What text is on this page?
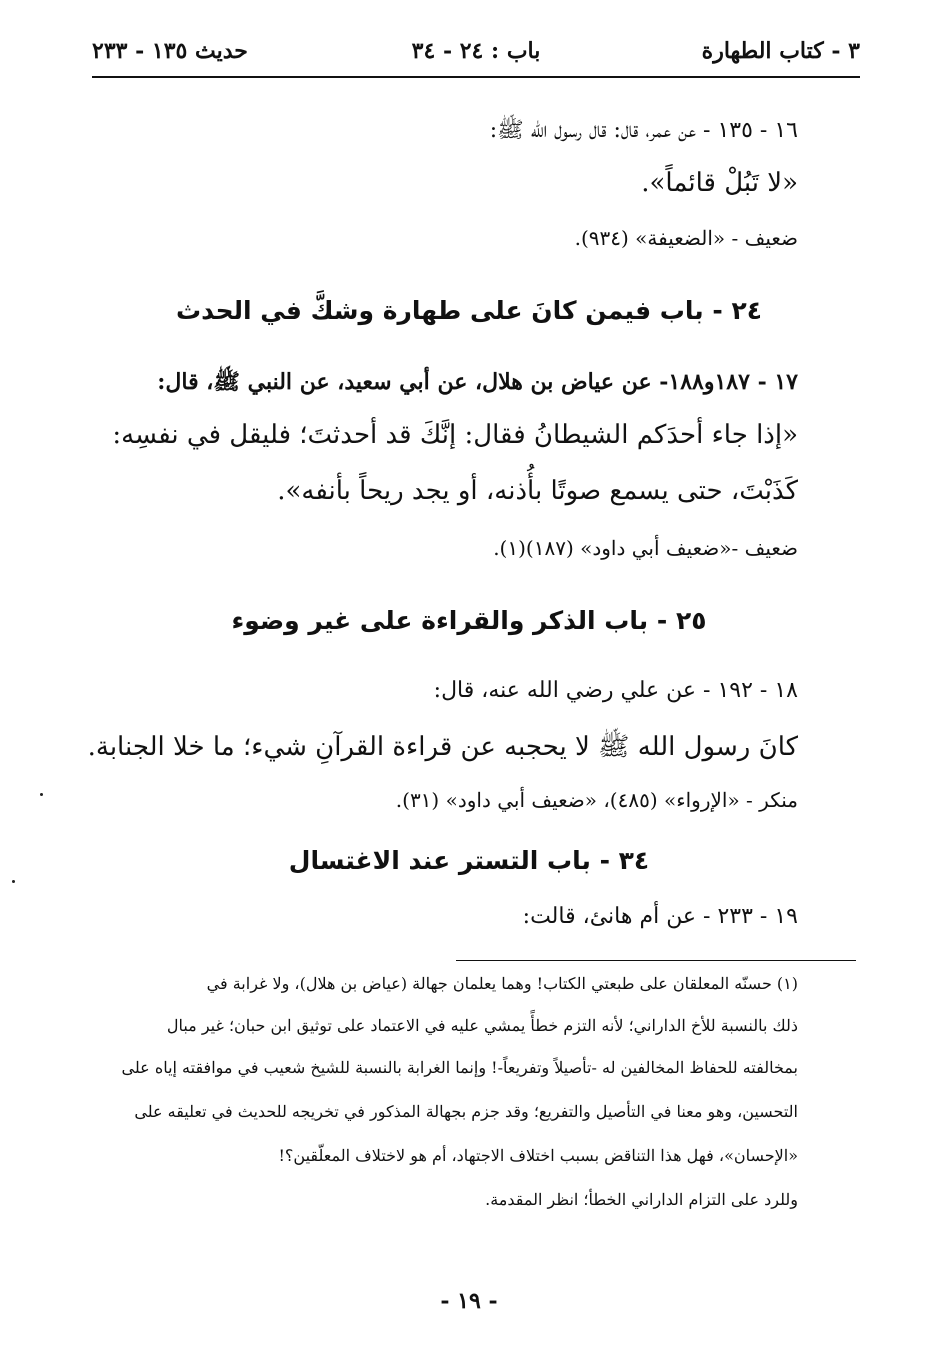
٣ - كتاب الطهارة
باب : ٢٤ - ٣٤
حديث ١٣٥ - ٢٣٣
١٦ - ١٣٥ - عن عمر، قال: قال رسول الله ﷺ:
«لا تَبُلْ قائماً».
ضعيف - «الضعيفة» (٩٣٤).
٢٤ - باب فيمن كانَ على طهارة وشكَّ في الحدث
١٧ - ١٨٧و١٨٨- عن عياض بن هلال، عن أبي سعيد، عن النبي ﷺ، قال:
«إذا جاء أحدَكم الشيطانُ فقال: إنَّكَ قد أحدثتَ؛ فليقل في نفسِه:
كَذَبْتَ، حتى يسمع صوتًا بأُذنه، أو يجد ريحاً بأنفه».
ضعيف -«ضعيف أبي داود» (١٨٧)(١).
٢٥ - باب الذكر والقراءة على غير وضوء
١٨ - ١٩٢ - عن علي رضي الله عنه، قال:
كانَ رسول الله ﷺ لا يحجبه عن قراءة القرآنِ شيء؛ ما خلا الجنابة.
منكر - «الإرواء» (٤٨٥)، «ضعيف أبي داود» (٣١).
٣٤ - باب التستر عند الاغتسال
١٩ - ٢٣٣ - عن أم هانئ، قالت:
(١) حسنّه المعلقان على طبعتي الكتاب! وهما يعلمان جهالة (عياض بن هلال)، ولا غرابة في
ذلك بالنسبة للأخ الداراني؛ لأنه التزم خطأً يمشي عليه في الاعتماد على توثيق ابن حبان؛ غير مبال
بمخالفته للحفاظ المخالفين له -تأصيلاً وتفريعاً-! وإنما الغرابة بالنسبة للشيخ شعيب في موافقته إياه على
التحسين، وهو معنا في التأصيل والتفريع؛ وقد جزم بجهالة المذكور في تخريجه للحديث في تعليقه على
«الإحسان»، فهل هذا التناقض بسبب اختلاف الاجتهاد، أم هو لاختلاف المعلّقين؟!
وللرد على التزام الداراني الخطأ؛ انظر المقدمة.
- ١٩ -
